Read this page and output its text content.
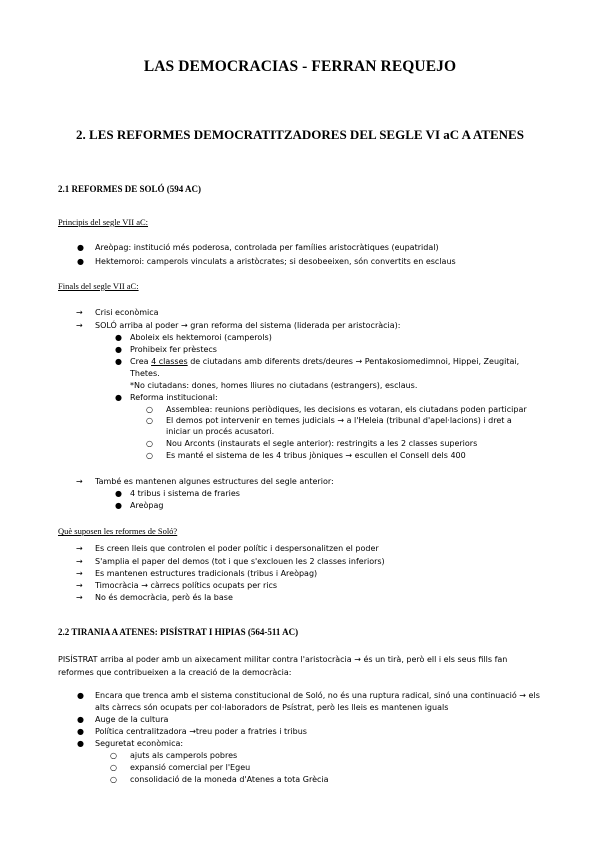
LAS DEMOCRACIAS - FERRAN REQUEJO
2. LES REFORMES DEMOCRATITZADORES DEL SEGLE VI aC A ATENES
2.1 REFORMES DE SOLÓ (594 AC)
Principis del segle VII aC:
● Areòpag: institució més poderosa, controlada per famílies aristocràtiques (eupatridal)
● Hektemoroi: camperols vinculats a aristòcrates; si desobeeixen, són convertits en esclaus
Finals del segle VII aC:
→ Crisi econòmica
→ SOLÓ arriba al poder → gran reforma del sistema (liderada per aristocràcia):
● Aboleix els hektemoroi (camperols)
● Prohibeix fer prèstecs
● Crea 4 classes de ciutadans amb diferents drets/deures → Pentakosiomedimnoi, Hippei, Zeugitai,
Thetes.
*No ciutadans: dones, homes lliures no ciutadans (estrangers), esclaus.
● Reforma institucional:
○ Assemblea: reunions periòdiques, les decisions es votaran, els ciutadans poden participar
○ El demos pot intervenir en temes judicials → a l'Heleia (tribunal d'apel·lacions) i dret a
iniciar un procés acusatori.
○ Nou Arconts (instaurats el segle anterior): restringits a les 2 classes superiors
○ Es manté el sistema de les 4 tribus jòniques → escullen el Consell dels 400
→ També es mantenen algunes estructures del segle anterior:
● 4 tribus i sistema de fraries
● Areòpag
Què suposen les reformes de Soló?
→ Es creen lleis que controlen el poder polític i despersonalitzen el poder
→ S'amplia el paper del demos (tot i que s'exclouen les 2 classes inferiors)
→ Es mantenen estructures tradicionals (tribus i Areòpag)
→ Timocràcia → càrrecs polítics ocupats per rics
→ No és democràcia, però és la base
2.2 TIRANIA A ATENES: PISÍSTRAT I HIPIAS (564-511 AC)
PISÍSTRAT arriba al poder amb un aixecament militar contra l'aristocràcia → és un tirà, però ell i els seus fills fan
reformes que contribueixen a la creació de la democràcia:
● Encara que trenca amb el sistema constitucional de Soló, no és una ruptura radical, sinó una continuació → els
alts càrrecs són ocupats per col·laboradors de Psístrat, però les lleis es mantenen iguals
● Auge de la cultura
● Política centralitzadora →treu poder a fratries i tribus
● Seguretat econòmica:
○ ajuts als camperols pobres
○ expansió comercial per l'Egeu
○ consolidació de la moneda d'Atenes a tota Grècia
